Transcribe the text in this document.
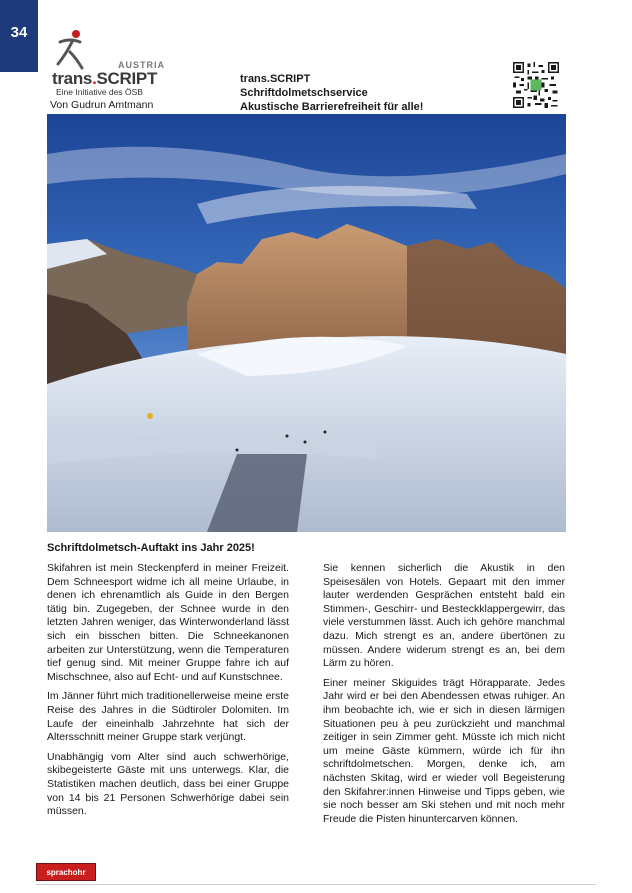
34
AUSTRIA
trans.SCRIPT
Eine Initiative des ÖSB
Von Gudrun Amtmann
trans.SCRIPT
Schriftdolmetschservice
Akustische Barrierefreiheit für alle!
Schriftdolmetsch-Auftakt ins Jahr 2025!

Skifahren ist mein Steckenpferd in meiner Freizeit. Dem Schneesport widme ich all meine Urlaube, in denen ich ehrenamtlich als Guide in den Bergen tätig bin. Zugegeben, der Schnee wurde in den letzten Jahren weniger, das Winterwonderland lässt sich ein bisschen bitten. Die Schneekanonen arbeiten zur Unterstützung, wenn die Temperaturen tief genug sind. Mit meiner Gruppe fahre ich auf Mischschnee, also auf Echt- und auf Kunstschnee.

Im Jänner führt mich traditionellerweise meine erste Reise des Jahres in die Südtiroler Dolomiten. Im Laufe der eineinhalb Jahrzehnte hat sich der Altersschnitt meiner Gruppe stark verjüngt.

Unabhängig vom Alter sind auch schwerhörige, skibegeisterte Gäste mit uns unterwegs. Klar, die Statistiken machen deutlich, dass bei einer Gruppe von 14 bis 21 Personen Schwerhörige dabei sein müssen.

Sie kennen sicherlich die Akustik in den Speisesälen von Hotels. Gepaart mit den immer lauter werdenden Gesprächen entsteht bald ein Stimmen-, Geschirr- und Besteckklappergewirr, das viele verstummen lässt. Auch ich gehöre manchmal dazu. Mich strengt es an, andere übertönen zu müssen. Andere widerum strengt es an, bei dem Lärm zu hören.

Einer meiner Skiguides trägt Hörapparate. Jedes Jahr wird er bei den Abendessen etwas ruhiger. An ihm beobachte ich, wie er sich in diesen lärmigen Situationen peu à peu zurückzieht und manchmal zeitiger in sein Zimmer geht. Müsste ich mich nicht um meine Gäste kümmern, würde ich für ihn schriftdolmetschen. Morgen, denke ich, am nächsten Skitag, wird er wieder voll Begeisterung den Skifahrer:innen Hinweise und Tipps geben, wie sie noch besser am Ski stehen und mit noch mehr Freude die Pisten hinuntercarven können.

sprachohr
